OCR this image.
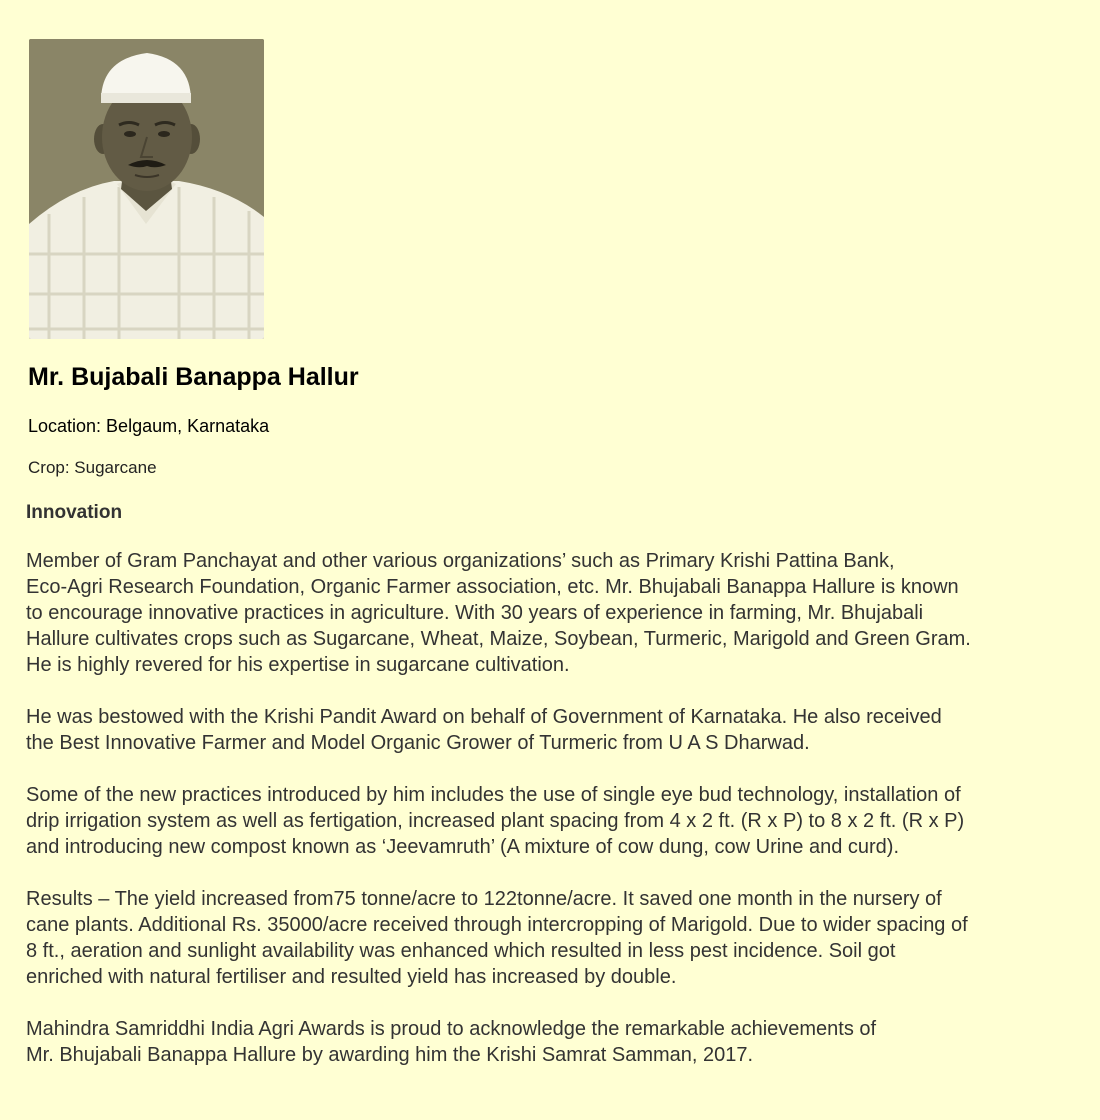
Mr. Bujabali Banappa Hallur

Location: Belgaum, Karnataka

Crop: Sugarcane

Innovation

Member of Gram Panchayat and other various organizations’ such as Primary Krishi Pattina Bank,
Eco-Agri Research Foundation, Organic Farmer association, etc. Mr. Bhujabali Banappa Hallure is known
to encourage innovative practices in agriculture. With 30 years of experience in farming, Mr. Bhujabali
Hallure cultivates crops such as Sugarcane, Wheat, Maize, Soybean, Turmeric, Marigold and Green Gram.
He is highly revered for his expertise in sugarcane cultivation.

He was bestowed with the Krishi Pandit Award on behalf of Government of Karnataka. He also received
the Best Innovative Farmer and Model Organic Grower of Turmeric from U A S Dharwad.

Some of the new practices introduced by him includes the use of single eye bud technology, installation of
drip irrigation system as well as fertigation, increased plant spacing from 4 x 2 ft. (R x P) to 8 x 2 ft. (R x P)
and introducing new compost known as ‘Jeevamruth’ (A mixture of cow dung, cow Urine and curd).

Results – The yield increased from75 tonne/acre to 122tonne/acre. It saved one month in the nursery of
cane plants. Additional Rs. 35000/acre received through intercropping of Marigold. Due to wider spacing of
8 ft., aeration and sunlight availability was enhanced which resulted in less pest incidence. Soil got
enriched with natural fertiliser and resulted yield has increased by double.

Mahindra Samriddhi India Agri Awards is proud to acknowledge the remarkable achievements of
Mr. Bhujabali Banappa Hallure by awarding him the Krishi Samrat Samman, 2017.
